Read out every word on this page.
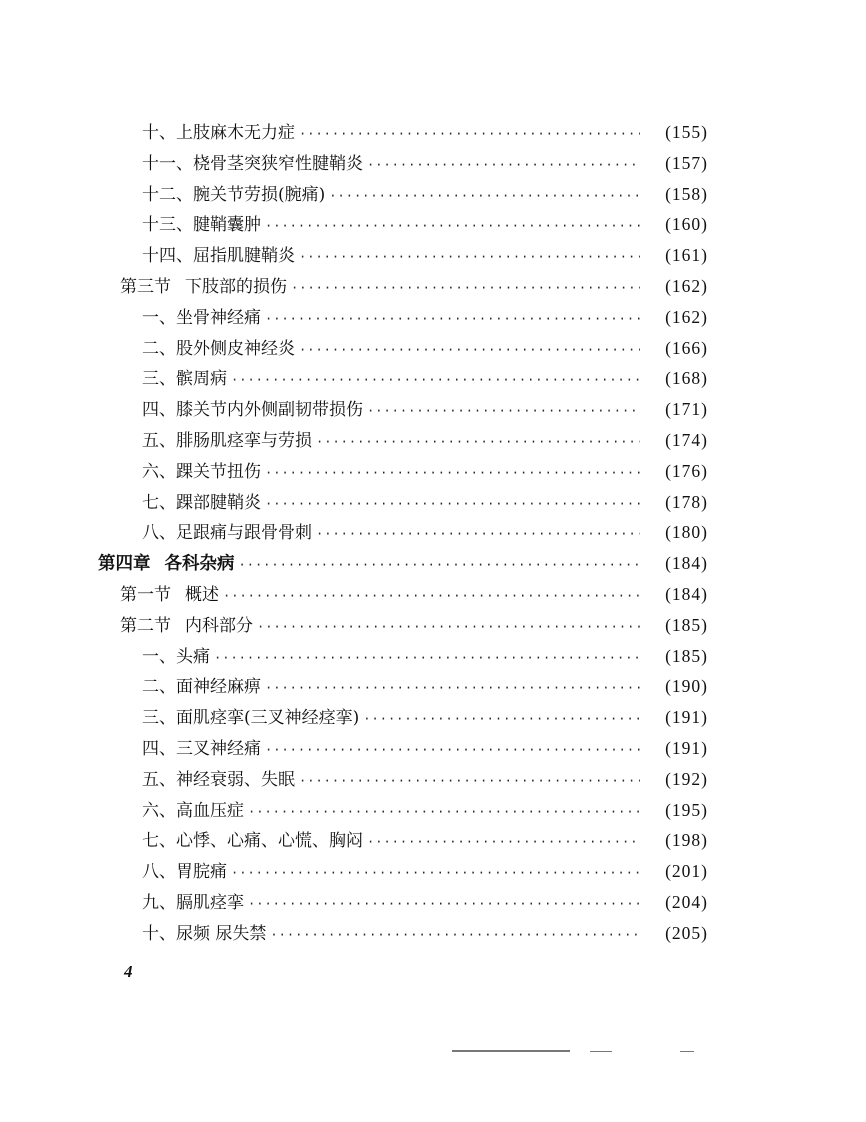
十、 上肢麻木无力症 ·····	(155)
十一、 桡骨茎突狭窄性腱鞘炎 ·····	(157)
十二、 腕关节劳损(腕痛) ·····	(158)
十三、 腱鞘囊肿 ·····	(160)
十四、 屈指肌腱鞘炎 ·····	(161)
第三节 下肢部的损伤 ·····	(162)
一、 坐骨神经痛 ·····	(162)
二、 股外侧皮神经炎 ·····	(166)
三、 髌周病 ·····	(168)
四、 膝关节内外侧副韧带损伤 ·····	(171)
五、 腓肠肌痉挛与劳损 ·····	(174)
六、 踝关节扭伤 ·····	(176)
七、 踝部腱鞘炎 ·····	(178)
八、 足跟痛与跟骨骨刺 ·····	(180)
第四章 各科杂病 ·····	(184)
第一节 概述 ·····	(184)
第二节 内科部分 ·····	(185)
一、 头痛 ·····	(185)
二、 面神经麻痹 ·····	(190)
三、 面肌痉挛(三叉神经痉挛) ·····	(191)
四、 三叉神经痛 ·····	(191)
五、 神经衰弱、失眠 ·····	(192)
六、 高血压症 ·····	(195)
七、 心悸、心痛、心慌、胸闷 ·····	(198)
八、 胃脘痛 ·····	(201)
九、 膈肌痉挛 ·····	(204)
十、 尿频 尿失禁 ·····	(205)
4
